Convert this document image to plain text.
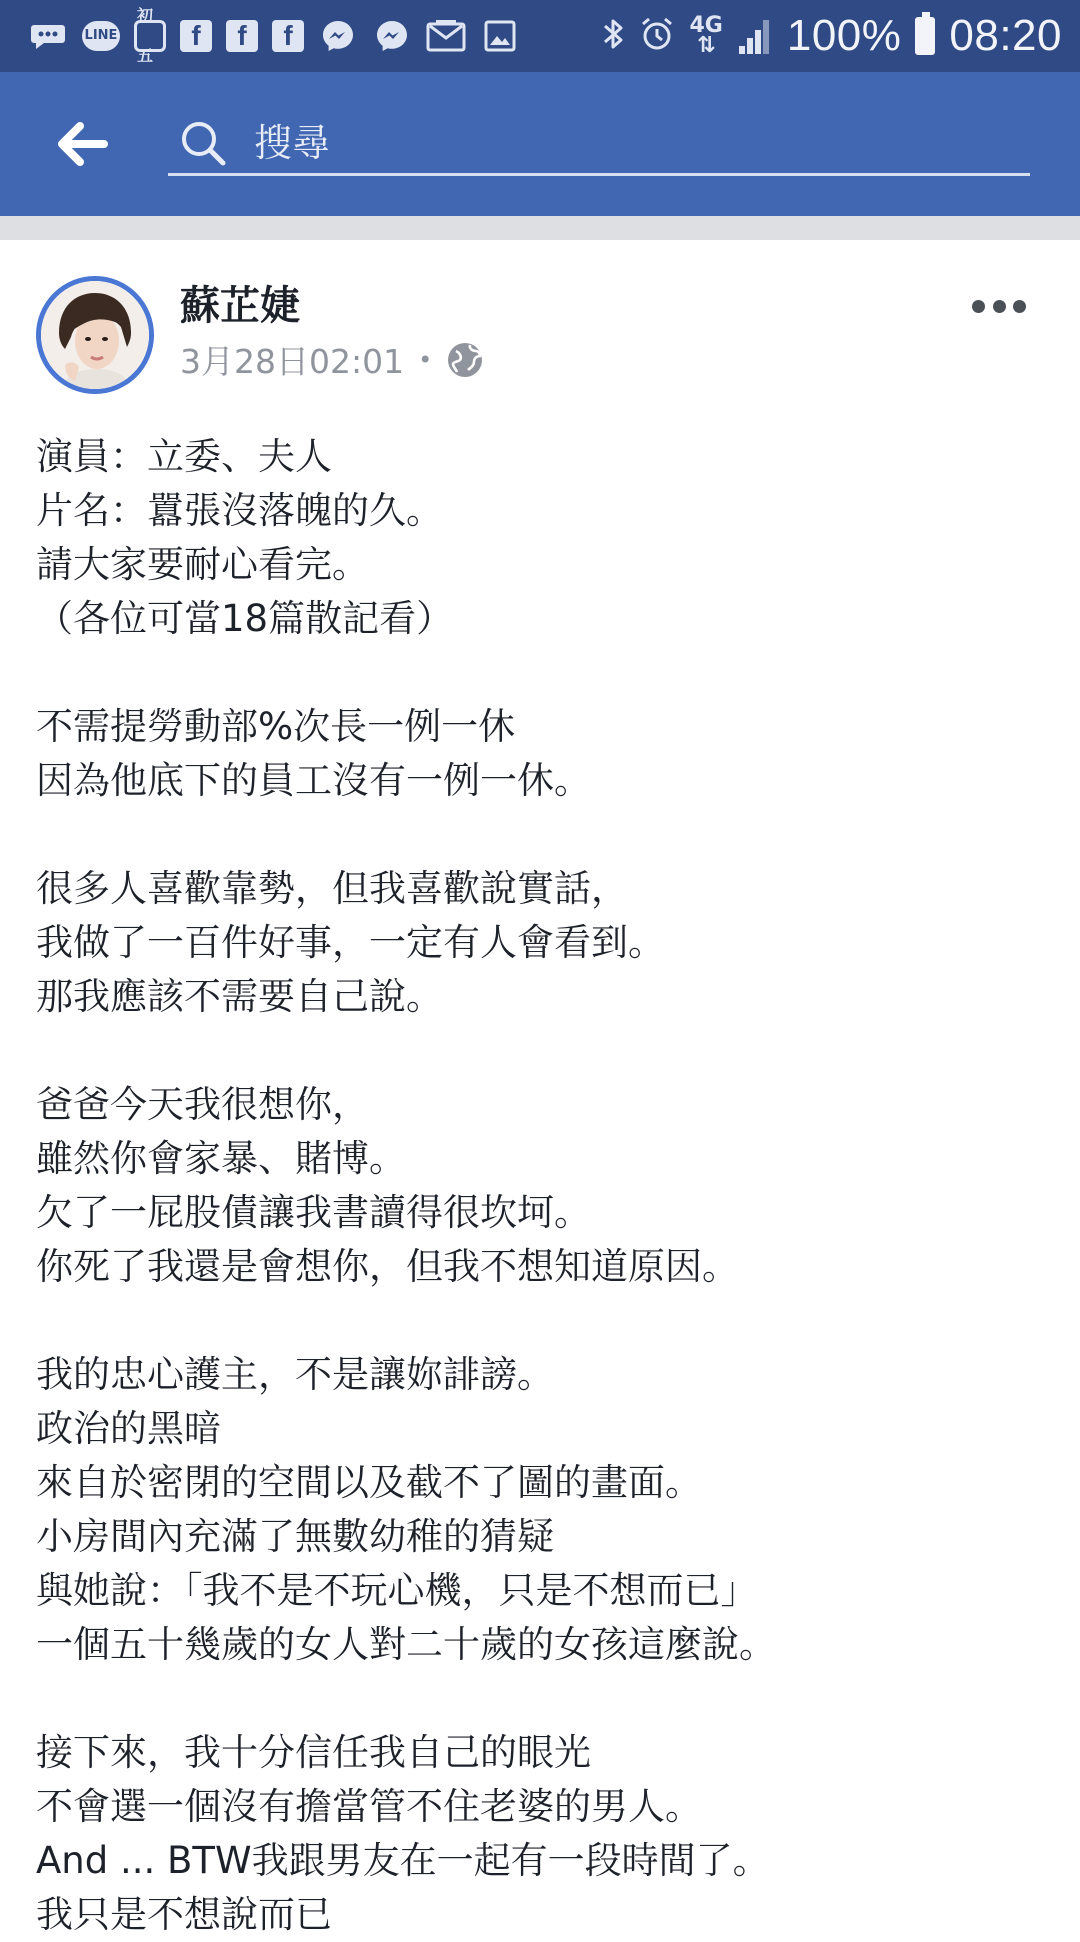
LINE
初五
f	f	f	4G
⇅ 100% 08:20
搜尋
蘇芷婕
3月28日02:01 •
演員：立委、夫人
片名：囂張沒落魄的久。
請大家要耐心看完。
（各位可當18篇散記看）
不需提勞動部%次長一例一休
因為他底下的員工沒有一例一休。
很多人喜歡靠勢，但我喜歡說實話，
我做了一百件好事，一定有人會看到。
那我應該不需要自己說。
爸爸今天我很想你，
雖然你會家暴、賭博。
欠了一屁股債讓我書讀得很坎坷。
你死了我還是會想你，但我不想知道原因。
我的忠心護主，不是讓妳誹謗。
政治的黑暗
來自於密閉的空間以及截不了圖的畫面。
小房間內充滿了無數幼稚的猜疑
與她說：「我不是不玩心機，只是不想而已」
一個五十幾歲的女人對二十歲的女孩這麼說。
接下來，我十分信任我自己的眼光
不會選一個沒有擔當管不住老婆的男人。
And ... BTW我跟男友在一起有一段時間了。
我只是不想說而已
